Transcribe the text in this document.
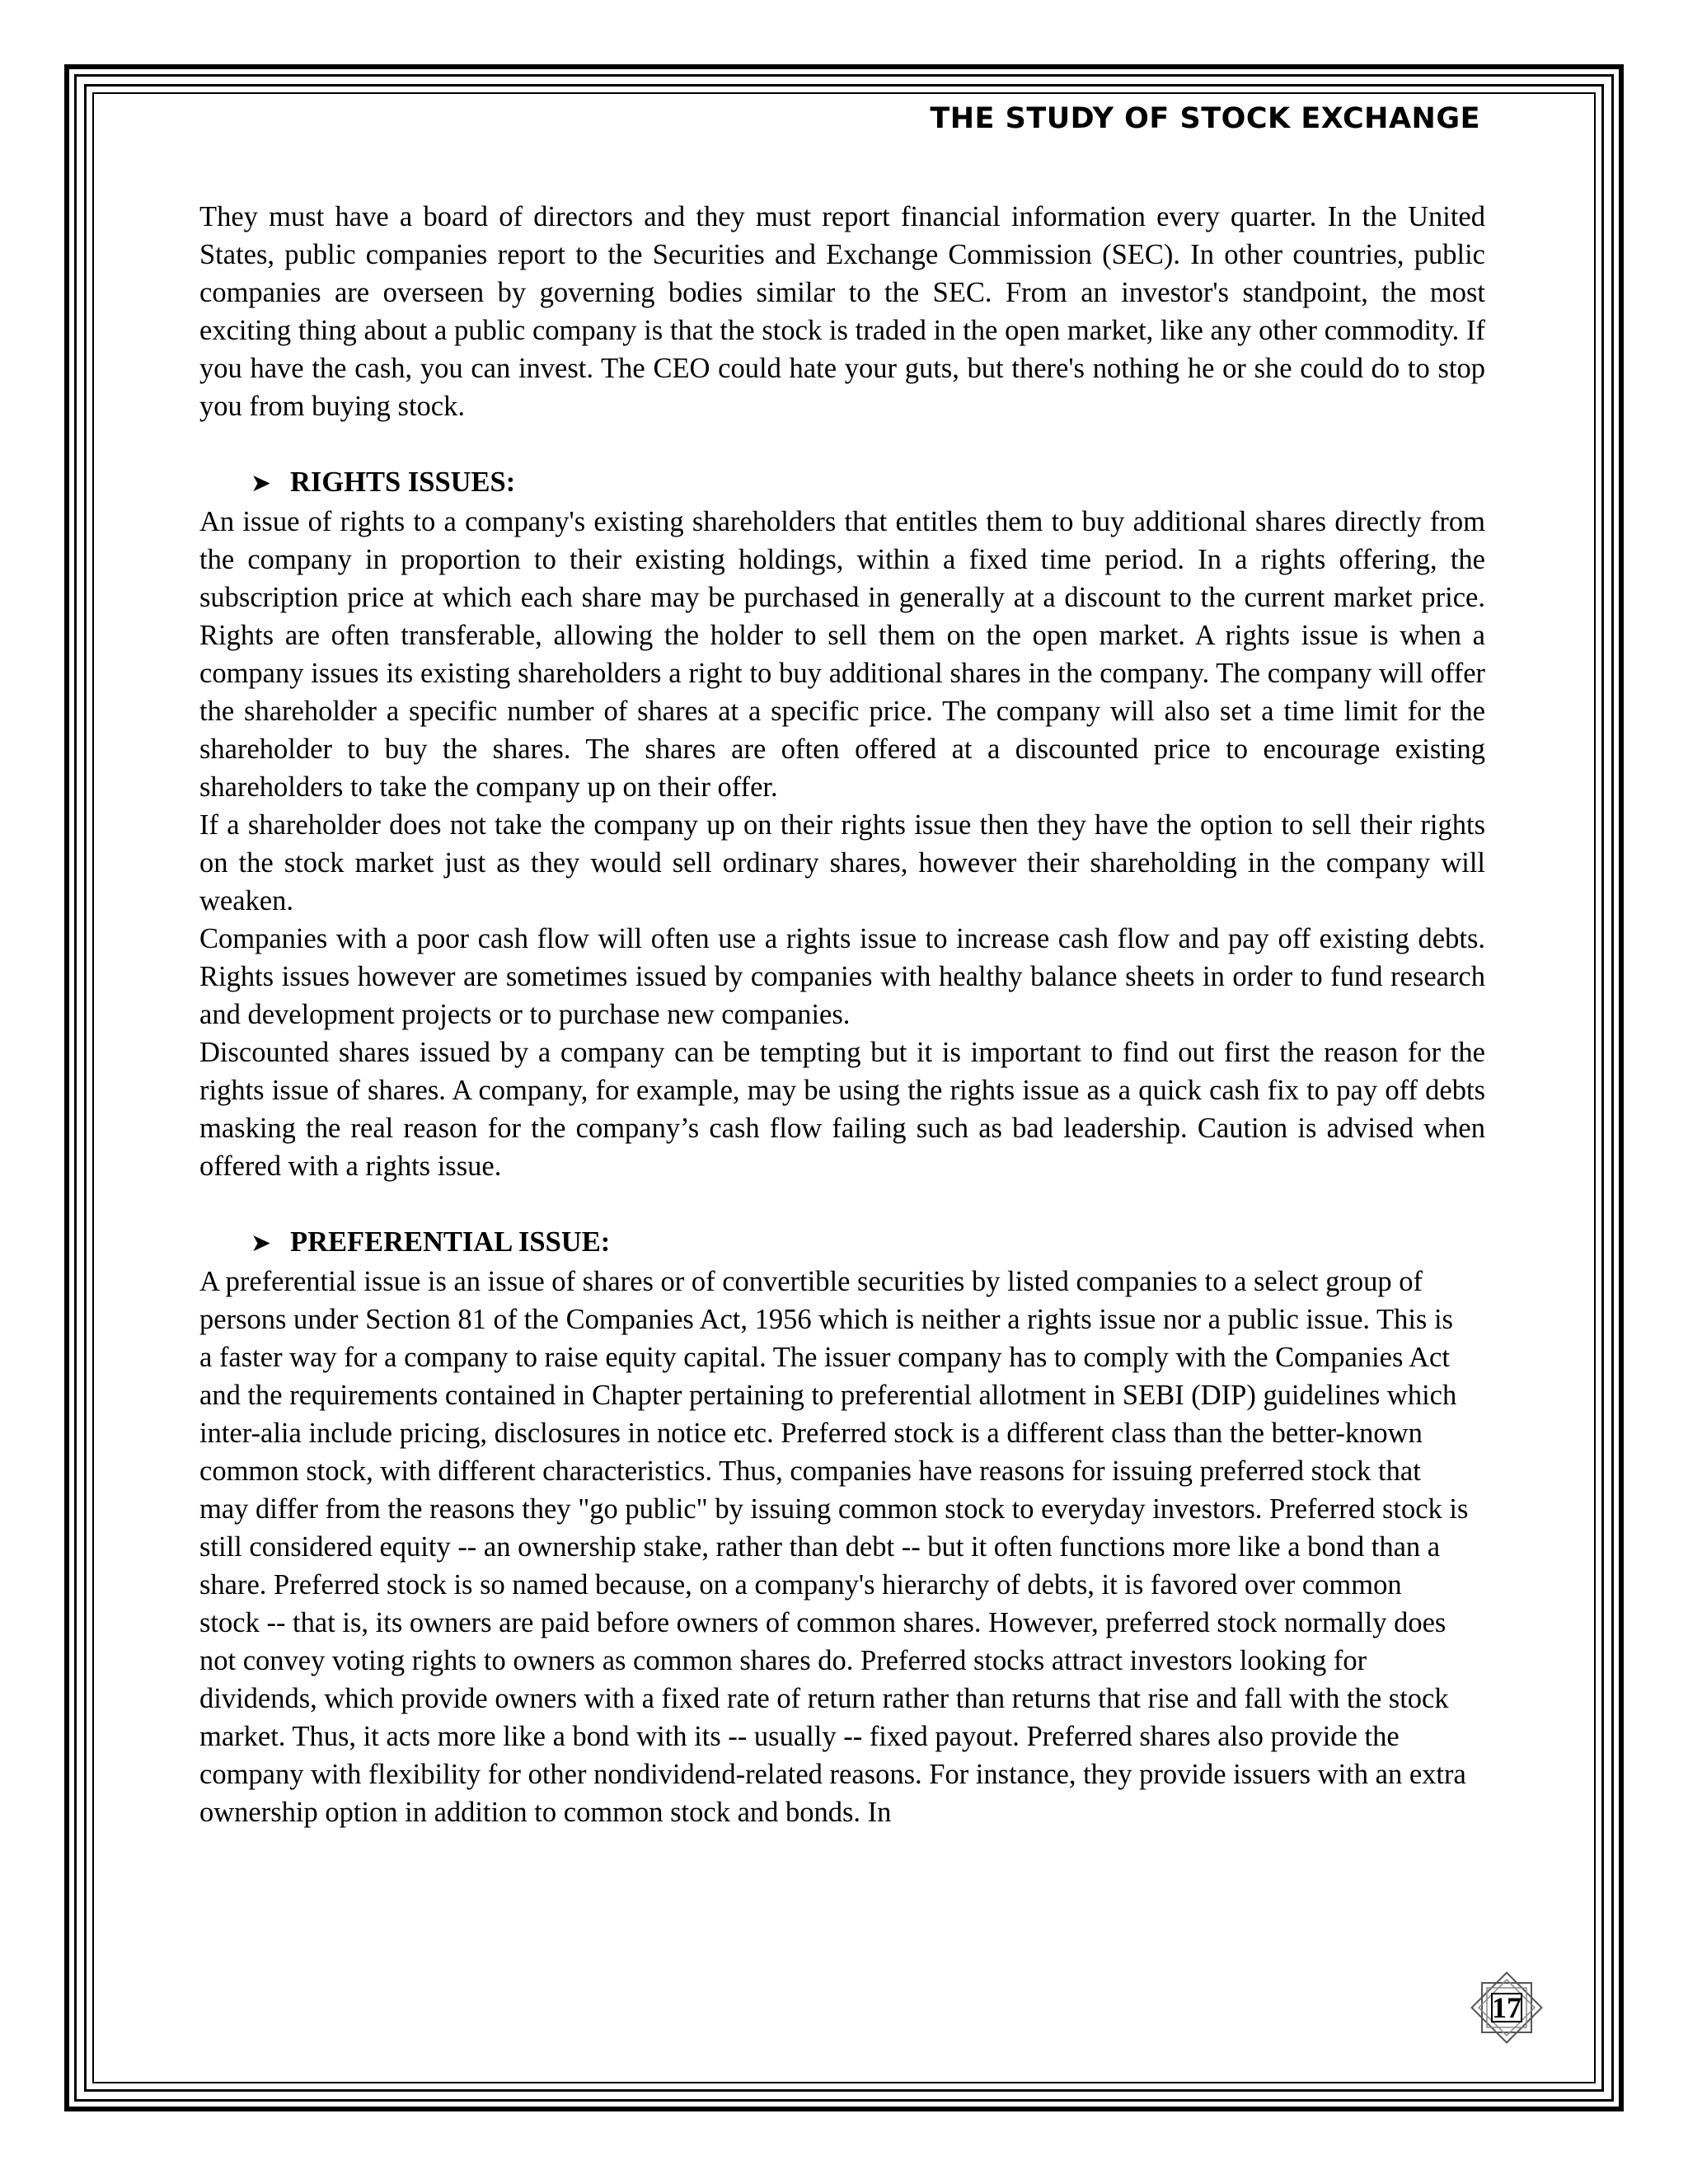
THE STUDY OF STOCK EXCHANGE

They must have a board of directors and they must report financial information every quarter. In the United States, public companies report to the Securities and Exchange Commission (SEC). In other countries, public companies are overseen by governing bodies similar to the SEC. From an investor's standpoint, the most exciting thing about a public company is that the stock is traded in the open market, like any other commodity. If you have the cash, you can invest. The CEO could hate your guts, but there's nothing he or she could do to stop you from buying stock.

➤ RIGHTS ISSUES:

An issue of rights to a company's existing shareholders that entitles them to buy additional shares directly from the company in proportion to their existing holdings, within a fixed time period. In a rights offering, the subscription price at which each share may be purchased in generally at a discount to the current market price. Rights are often transferable, allowing the holder to sell them on the open market. A rights issue is when a company issues its existing shareholders a right to buy additional shares in the company. The company will offer the shareholder a specific number of shares at a specific price. The company will also set a time limit for the shareholder to buy the shares. The shares are often offered at a discounted price to encourage existing shareholders to take the company up on their offer.

If a shareholder does not take the company up on their rights issue then they have the option to sell their rights on the stock market just as they would sell ordinary shares, however their shareholding in the company will weaken.

Companies with a poor cash flow will often use a rights issue to increase cash flow and pay off existing debts. Rights issues however are sometimes issued by companies with healthy balance sheets in order to fund research and development projects or to purchase new companies.

Discounted shares issued by a company can be tempting but it is important to find out first the reason for the rights issue of shares. A company, for example, may be using the rights issue as a quick cash fix to pay off debts masking the real reason for the company’s cash flow failing such as bad leadership. Caution is advised when offered with a rights issue.

➤ PREFERENTIAL ISSUE:

A preferential issue is an issue of shares or of convertible securities by listed companies to a select group of persons under Section 81 of the Companies Act, 1956 which is neither a rights issue nor a public issue. This is a faster way for a company to raise equity capital. The issuer company has to comply with the Companies Act and the requirements contained in Chapter pertaining to preferential allotment in SEBI (DIP) guidelines which inter-alia include pricing, disclosures in notice etc. Preferred stock is a different class than the better-known common stock, with different characteristics. Thus, companies have reasons for issuing preferred stock that may differ from the reasons they "go public" by issuing common stock to everyday investors. Preferred stock is still considered equity -- an ownership stake, rather than debt -- but it often functions more like a bond than a share. Preferred stock is so named because, on a company's hierarchy of debts, it is favored over common stock -- that is, its owners are paid before owners of common shares. However, preferred stock normally does not convey voting rights to owners as common shares do. Preferred stocks attract investors looking for dividends, which provide owners with a fixed rate of return rather than returns that rise and fall with the stock market. Thus, it acts more like a bond with its -- usually -- fixed payout. Preferred shares also provide the company with flexibility for other nondividend-related reasons. For instance, they provide issuers with an extra ownership option in addition to common stock and bonds. In

17
